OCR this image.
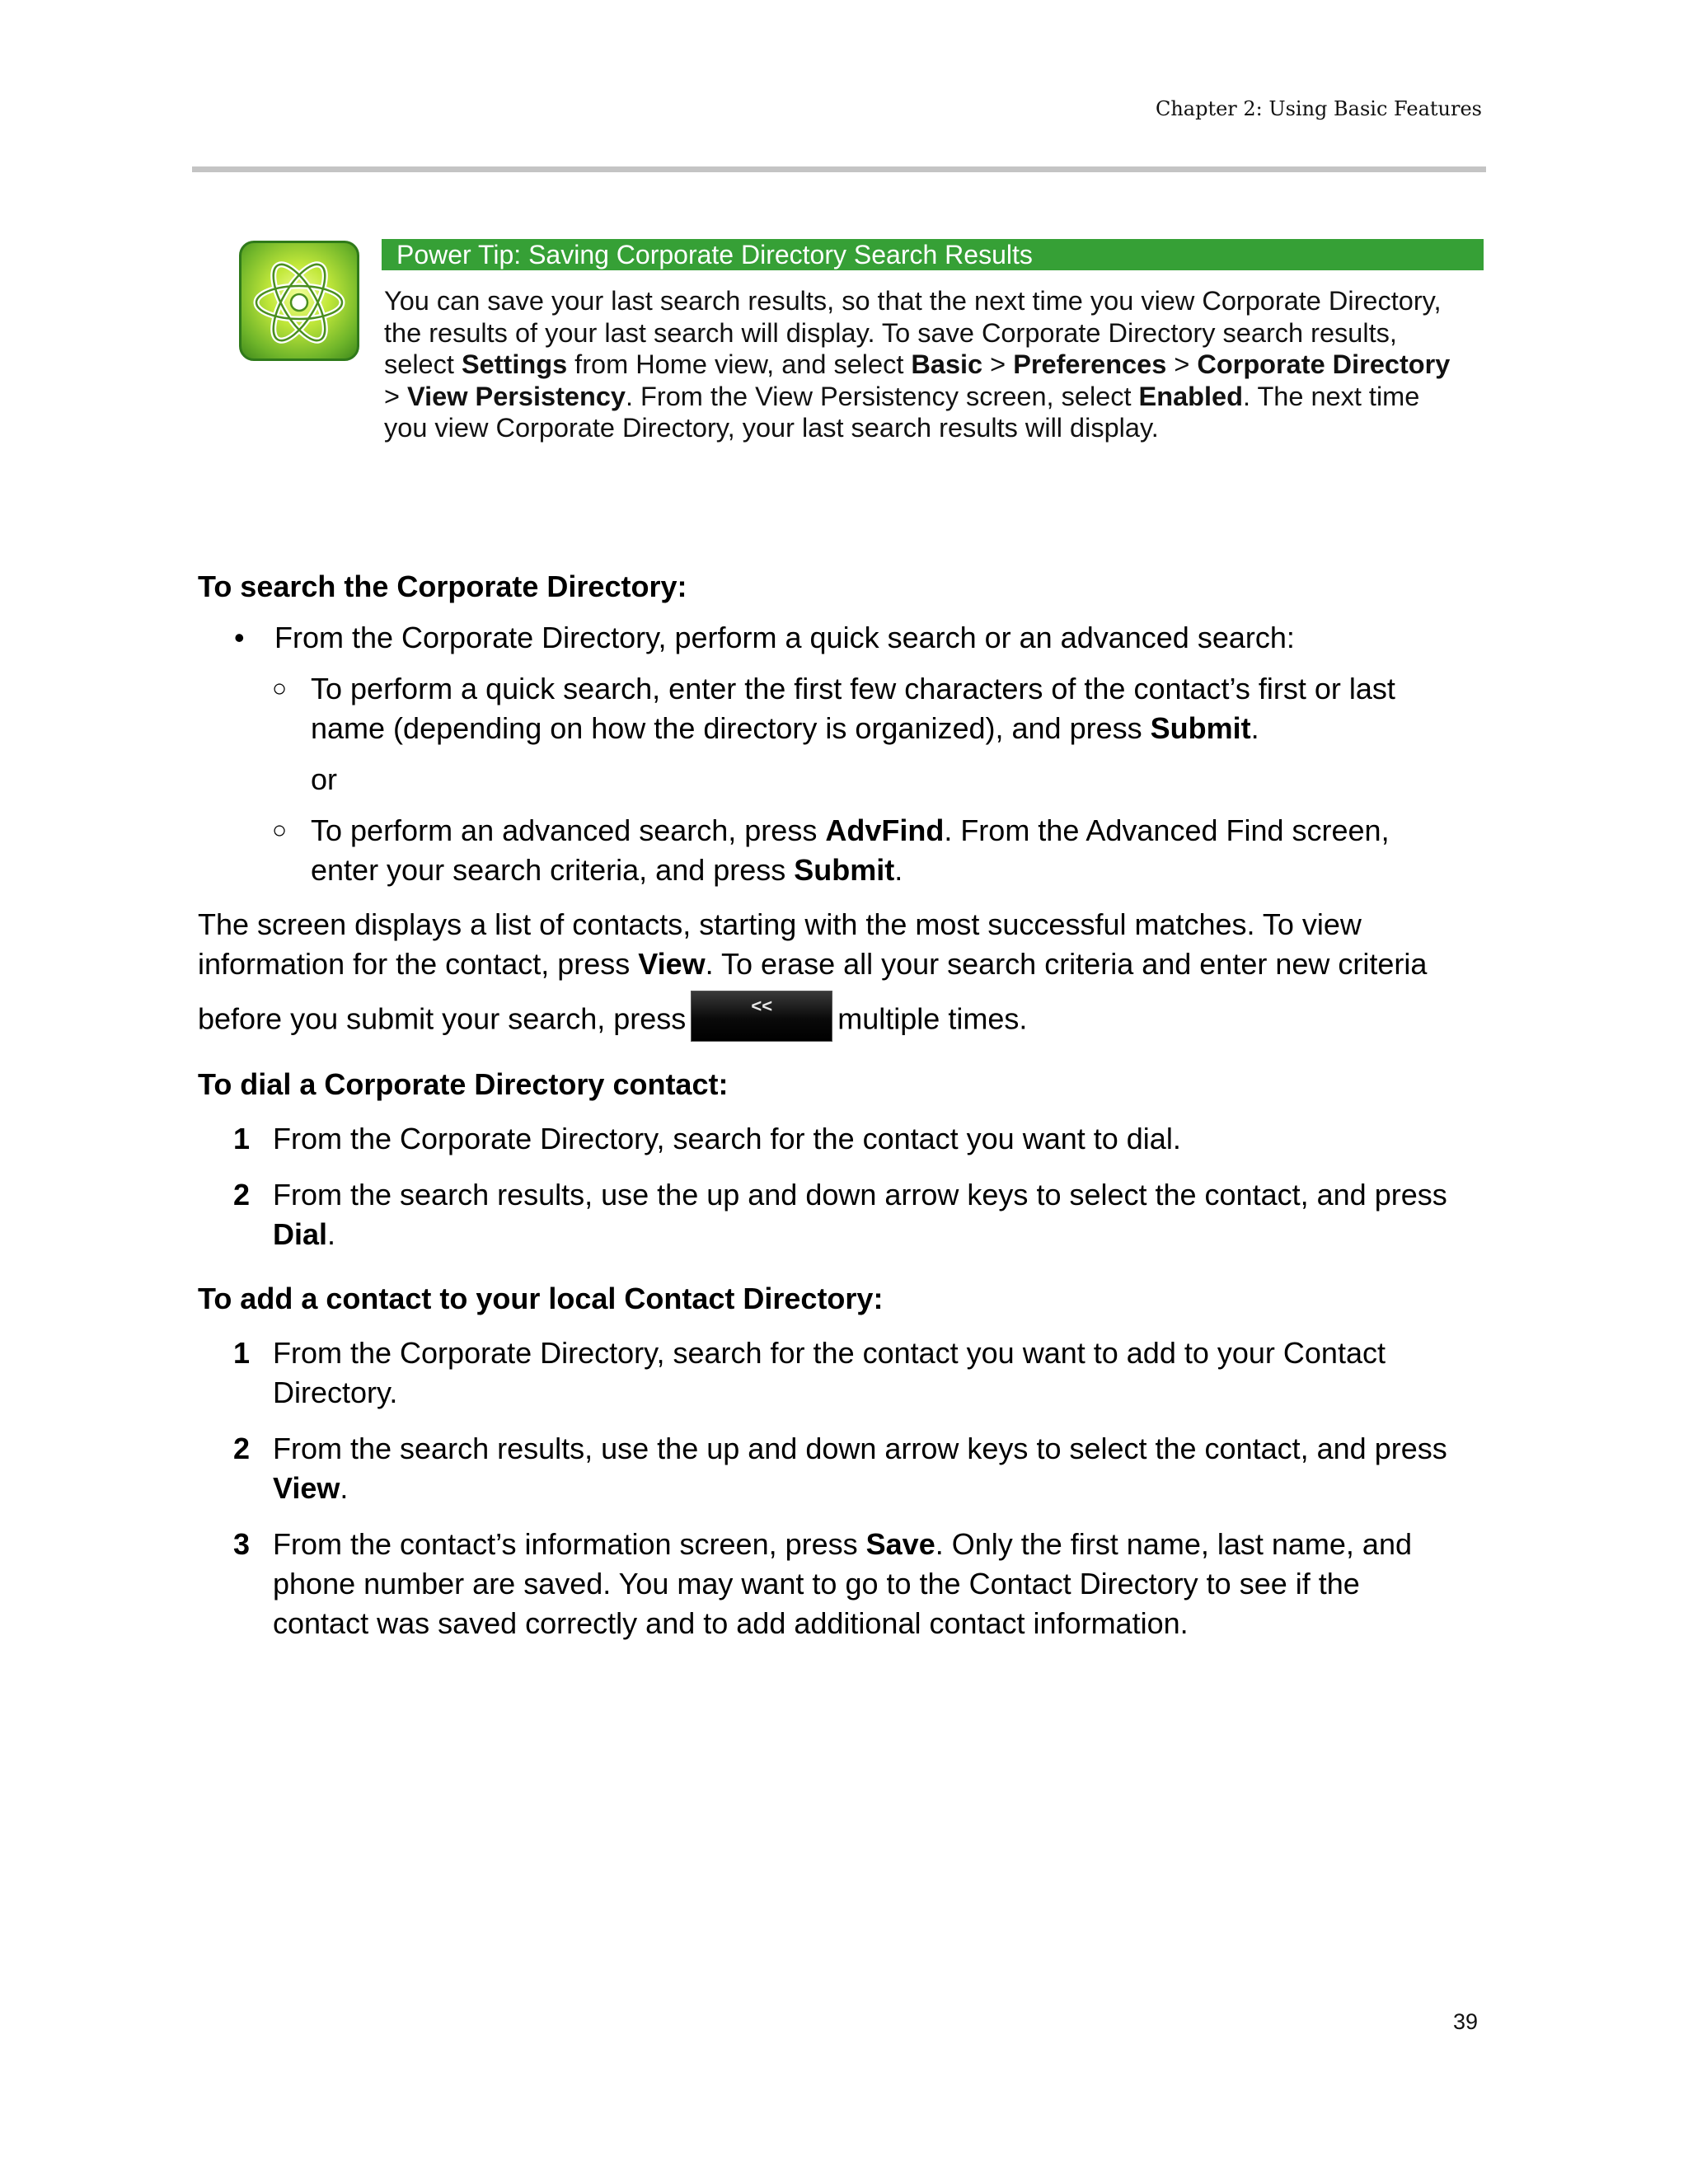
Chapter 2: Using Basic Features
Power Tip: Saving Corporate Directory Search Results
You can save your last search results, so that the next time you view Corporate Directory,
the results of your last search will display. To save Corporate Directory search results,
select Settings from Home view, and select Basic > Preferences > Corporate Directory
> View Persistency. From the View Persistency screen, select Enabled. The next time
you view Corporate Directory, your last search results will display.

To search the Corporate Directory:

• From the Corporate Directory, perform a quick search or an advanced search:
○ To perform a quick search, enter the first few characters of the contact’s first or last
name (depending on how the directory is organized), and press Submit.
or
○ To perform an advanced search, press AdvFind. From the Advanced Find screen,
enter your search criteria, and press Submit.
The screen displays a list of contacts, starting with the most successful matches. To view
information for the contact, press View. To erase all your search criteria and enter new criteria
before you submit your search, press	<< multiple times.

To dial a Corporate Directory contact:

1 From the Corporate Directory, search for the contact you want to dial.
2 From the search results, use the up and down arrow keys to select the contact, and press
Dial.

To add a contact to your local Contact Directory:

1 From the Corporate Directory, search for the contact you want to add to your Contact
Directory.
2 From the search results, use the up and down arrow keys to select the contact, and press
View.
3 From the contact’s information screen, press Save. Only the first name, last name, and
phone number are saved. You may want to go to the Contact Directory to see if the
contact was saved correctly and to add additional contact information.
39
